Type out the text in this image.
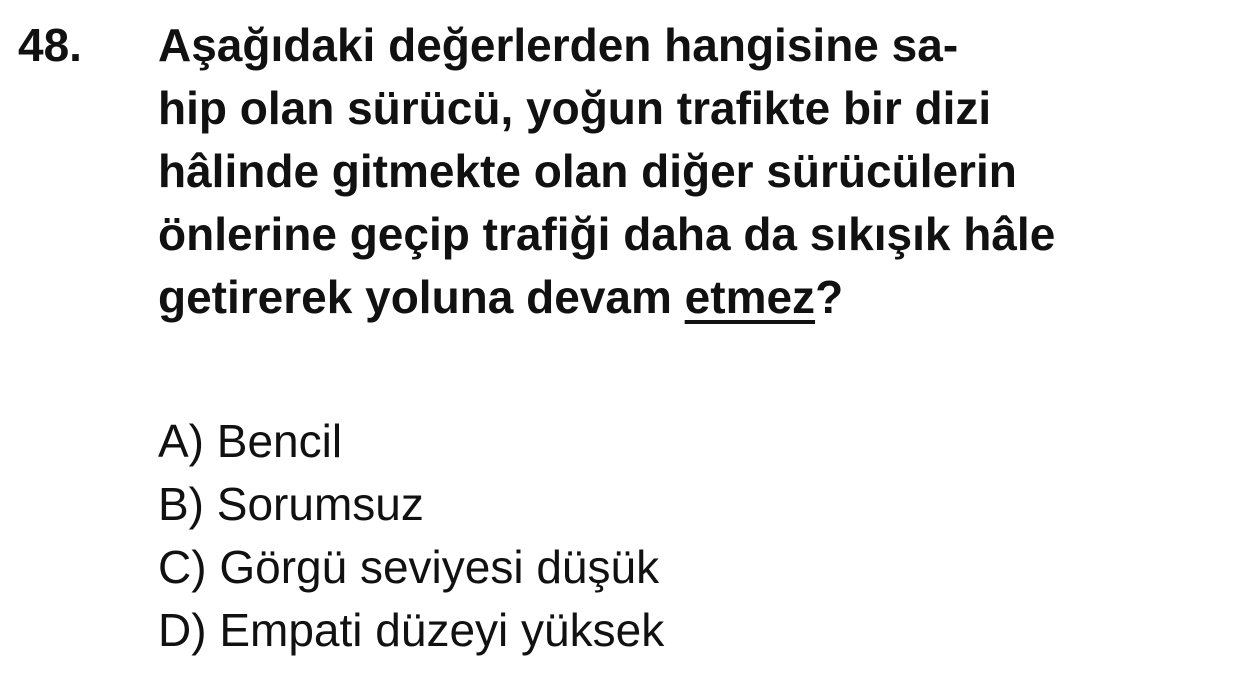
48. Aşağıdaki değerlerden hangisine sa-
hip olan sürücü, yoğun trafikte bir dizi
hâlinde gitmekte olan diğer sürücülerin
önlerine geçip trafiği daha da sıkışık hâle
getirerek yoluna devam etmez?

A) Bencil
B) Sorumsuz
C) Görgü seviyesi düşük
D) Empati düzeyi yüksek
